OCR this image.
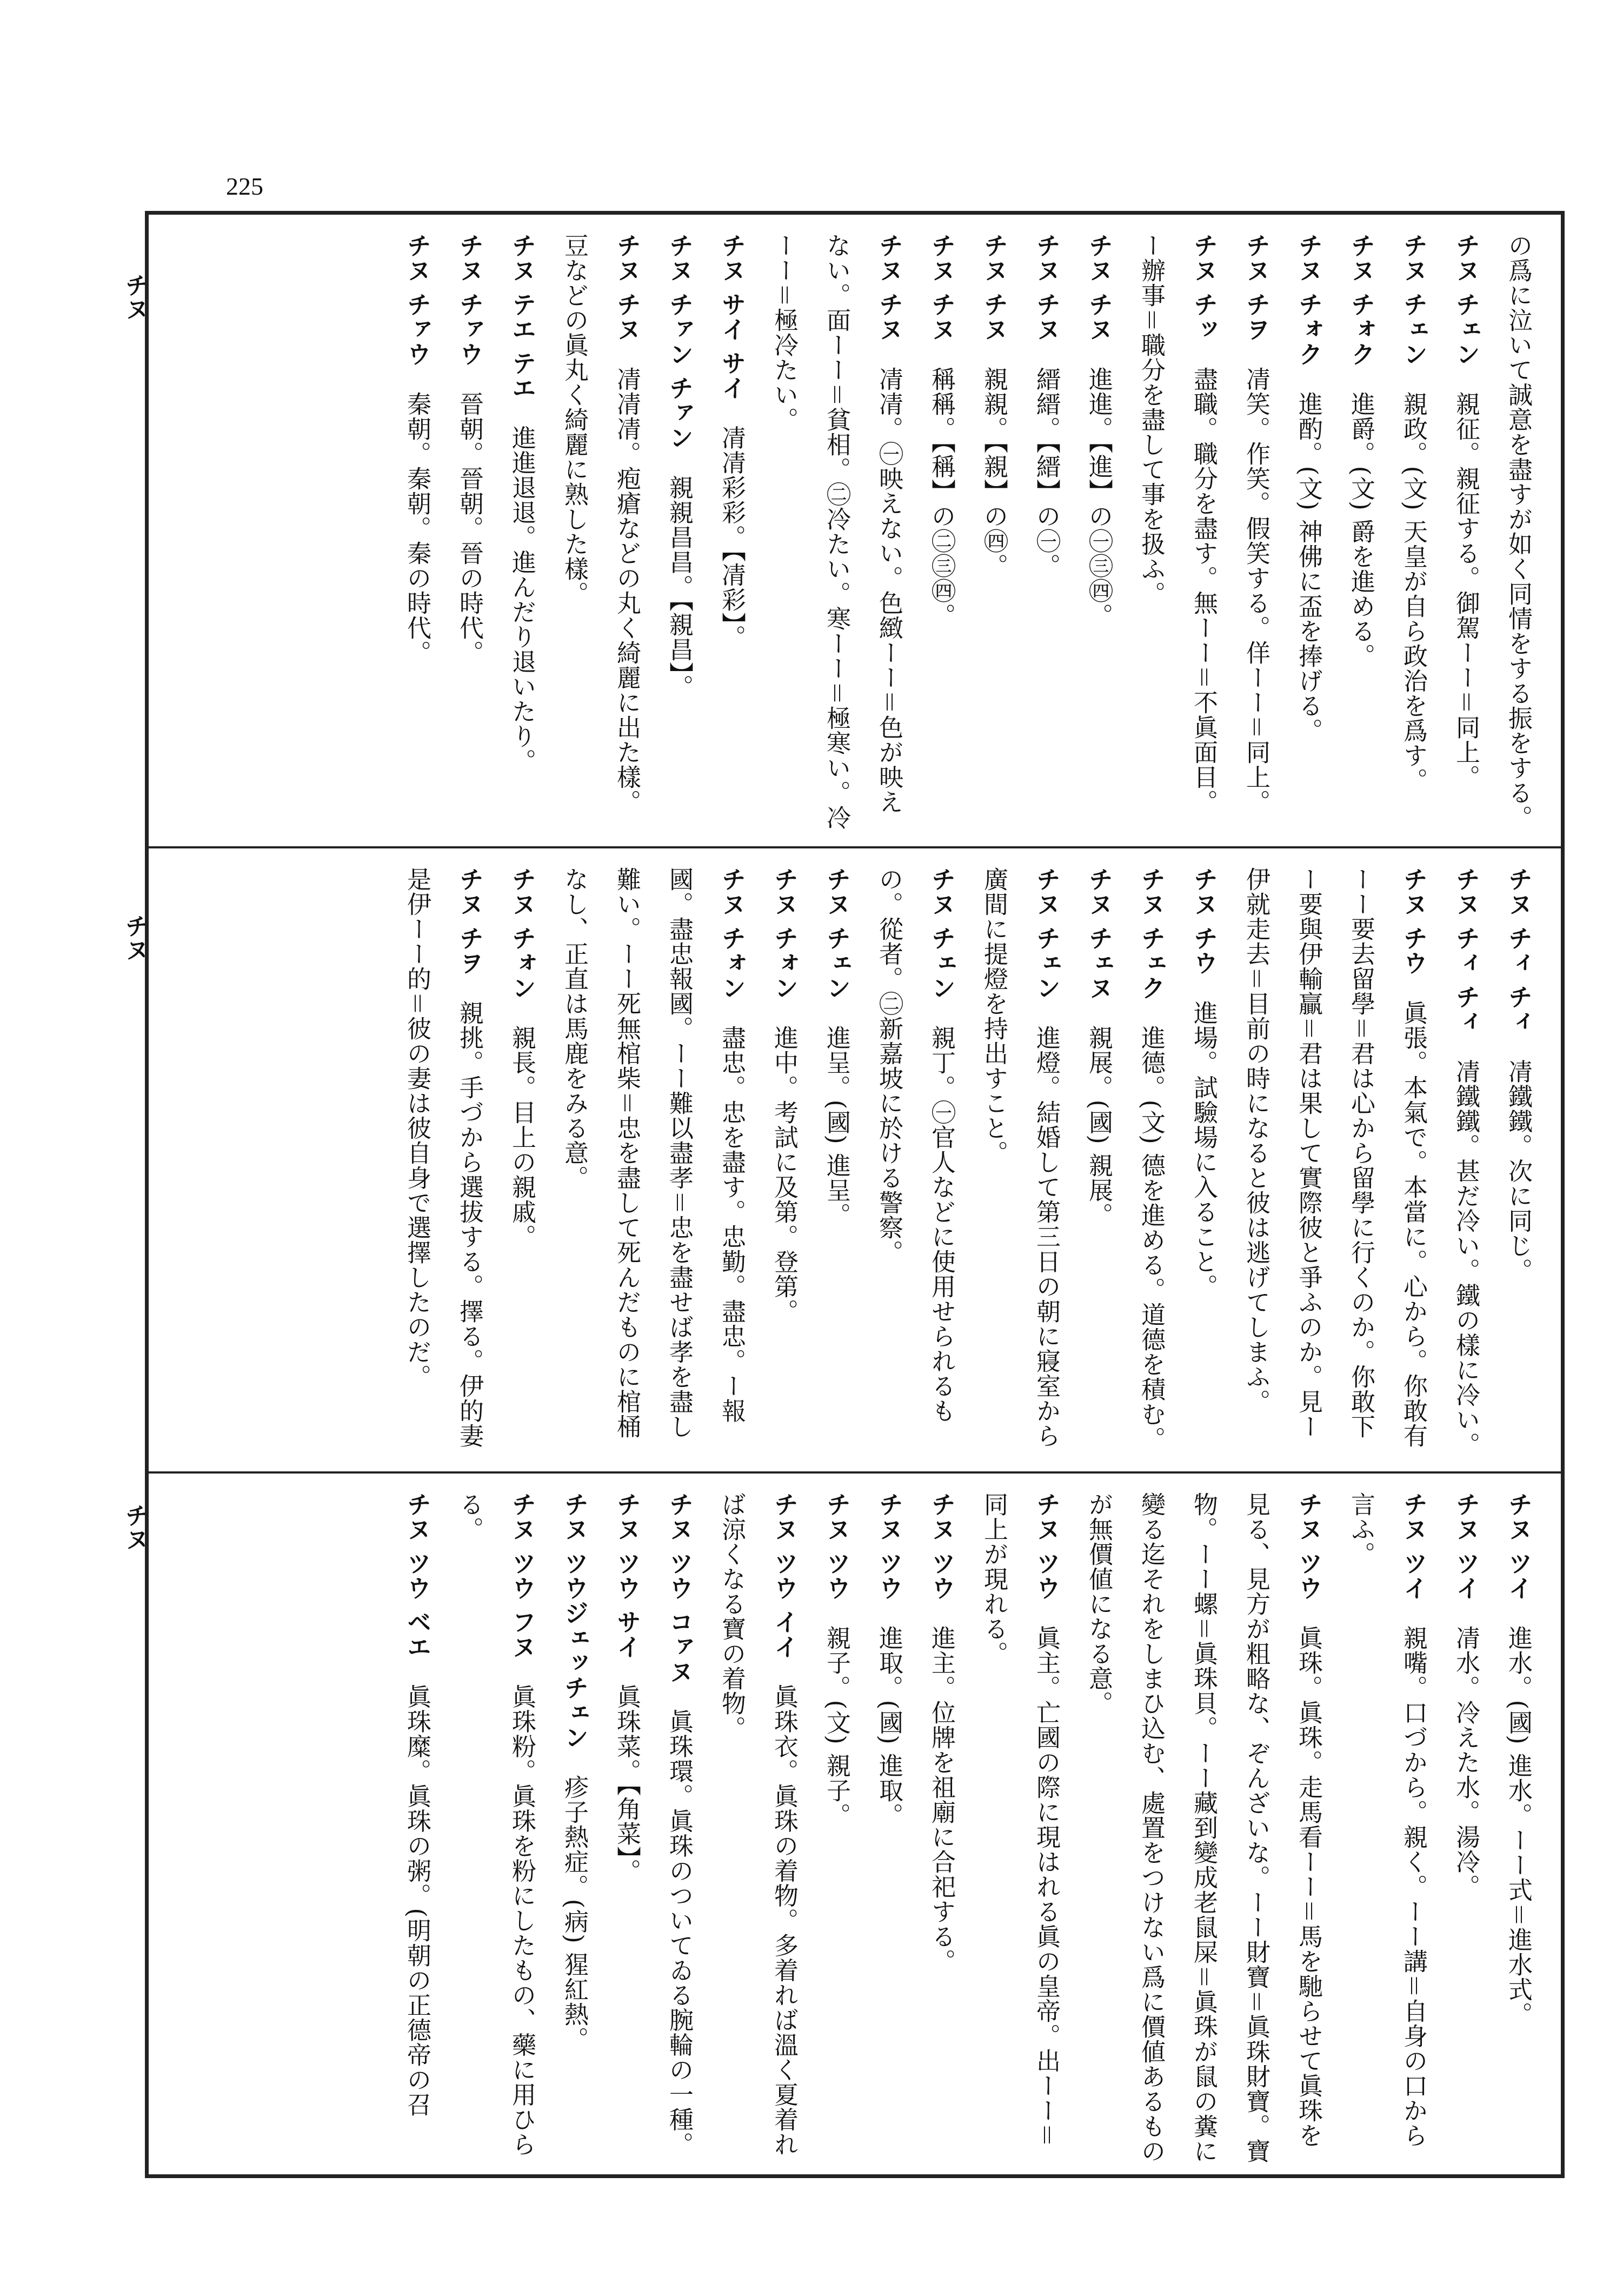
225
チヌ
チヌ
チヌ
の爲に泣いて誠意を盡すが如く同情をする振をする。
チヌ チェン　親征。親征する。御駕ーー＝同上。
チヌ チェン　親政。(文) 天皇が自ら政治を爲す。
チヌ チォク　進爵。(文) 爵を進める。
チヌ チォク　進酌。(文) 神佛に盃を捧げる。
チヌ チヲ　凊笑。作笑。假笑する。佯ーー＝同上。
チヌ チッ　盡職。職分を盡す。無ーー＝不眞面目。ー辦事＝職分を盡して事を扱ふ。
チヌ チヌ　進進。【進】の㊀㊂㊃。
チヌ チヌ　縉縉。【縉】の㊀。
チヌ チヌ　親親。【親】の㊃。
チヌ チヌ　稱稱。【稱】の㊁㊂㊃。
チヌ チヌ　凊凊。㊀映えない。色緻ーー＝色が映えない。面ーー＝貧相。㊁冷たい。寒ーー＝極寒い。冷ーー＝極冷たい。
チヌ サイ サイ　凊凊彩彩。【凊彩】。
チヌ チァン チァン　親親昌昌。【親昌】。
チヌ チヌ　凊凊凊。疱瘡などの丸く綺麗に出た樣。豆などの眞丸く綺麗に熟した樣。
チヌ テエ テエ　進進退退。進んだり退いたり。
チヌ チァウ　晉朝。晉朝。晉の時代。
チヌ チァウ　秦朝。秦朝。秦の時代。
チヌ チィ チィ　凊鐵鐵。次に同じ。
チヌ チィ チィ　凊鐵鐵。甚だ冷い。鐵の樣に冷い。
チヌ チウ　眞張。本氣で。本當に。心から。你敢有ーー要去留學＝君は心から留學に行くのか。你敢下ー要與伊輸贏＝君は果して實際彼と爭ふのか。見ー伊就走去＝目前の時になると彼は逃げてしまふ。
チヌ チウ　進場。試驗場に入ること。
チヌ チェク　進德。(文) 德を進める。道德を積む。
チヌ チェヌ　親展。(國) 親展。
チヌ チェン　進燈。結婚して第三日の朝に寢室から廣間に提燈を持出すこと。
チヌ チェン　親丁。㊀官人などに使用せられるもの。從者。㊁新嘉坡に於ける警察。
チヌ チェン　進呈。(國) 進呈。
チヌ チォン　進中。考試に及第。登第。
チヌ チォン　盡忠。忠を盡す。忠勤。盡忠。ー報國。盡忠報國。ーー難以盡孝＝忠を盡せば孝を盡し難い。ーー死無棺柴＝忠を盡して死んだものに棺桶なし、正直は馬鹿をみる意。
チヌ チォン　親長。目上の親戚。
チヌ チヲ　親挑。手づから選拔する。擇る。伊的妻是伊ーー的＝彼の妻は彼自身で選擇したのだ。
チヌ ツイ　進水。(國) 進水。ーー式＝進水式。
チヌ ツイ　凊水。冷えた水。湯冷。
チヌ ツイ　親嘴。口づから。親く。ーー講＝自身の口から言ふ。
チヌ ツウ　眞珠。眞珠。走馬看ーー＝馬を馳らせて眞珠を見る、見方が粗略な、ぞんざいな。ーー財寶＝眞珠財寶。寶物。ーー螺＝眞珠貝。ーー藏到變成老鼠屎＝眞珠が鼠の糞に變る迄それをしまひ込む、處置をつけない爲に價値あるものが無價値になる意。
チヌ ツウ　眞主。亡國の際に現はれる眞の皇帝。出ーー＝同上が現れる。
チヌ ツウ　進主。位牌を祖廟に合祀する。
チヌ ツウ　進取。(國) 進取。
チヌ ツウ　親子。(文) 親子。
チヌ ツウ イイ　眞珠衣。眞珠の着物。多着れば溫く夏着れば涼くなる寶の着物。
チヌ ツウ コァヌ　眞珠環。眞珠のついてゐる腕輪の一種。
チヌ ツウ サイ　眞珠菜。【角菜】。
チヌ ツウジェッチェン　疹子熱症。(病) 猩紅熱。
チヌ ツウ フヌ　眞珠粉。眞珠を粉にしたもの、藥に用ひらる。
チヌ ツウ ベエ　眞珠糜。眞珠の粥。(明朝の正德帝の召
